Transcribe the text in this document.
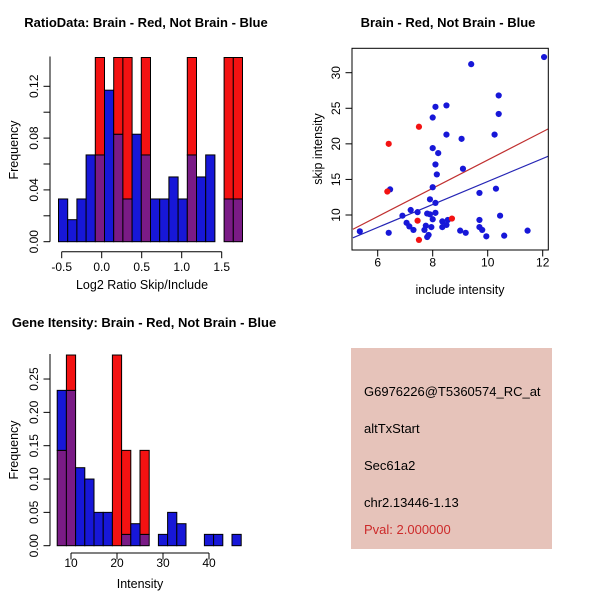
0.00
0.04
0.08
0.12
-0.5 0.0 0.5 1.0 1.5
RatioData: Brain - Red, Not Brain - Blue
Log2 Ratio Skip/Include
Frequency
6	8	10	12
10
15
20
25
30
Brain - Red, Not Brain - Blue
include intensity
skip intensity
0.00
0.05
0.10
0.15
0.20
0.25
10	20	30	40
Gene Itensity: Brain - Red, Not Brain - Blue
Intensity
Frequency
G6976226@T5360574_RC_at
altTxStart
Sec61a2
chr2.13446-1.13
Pval: 2.000000
